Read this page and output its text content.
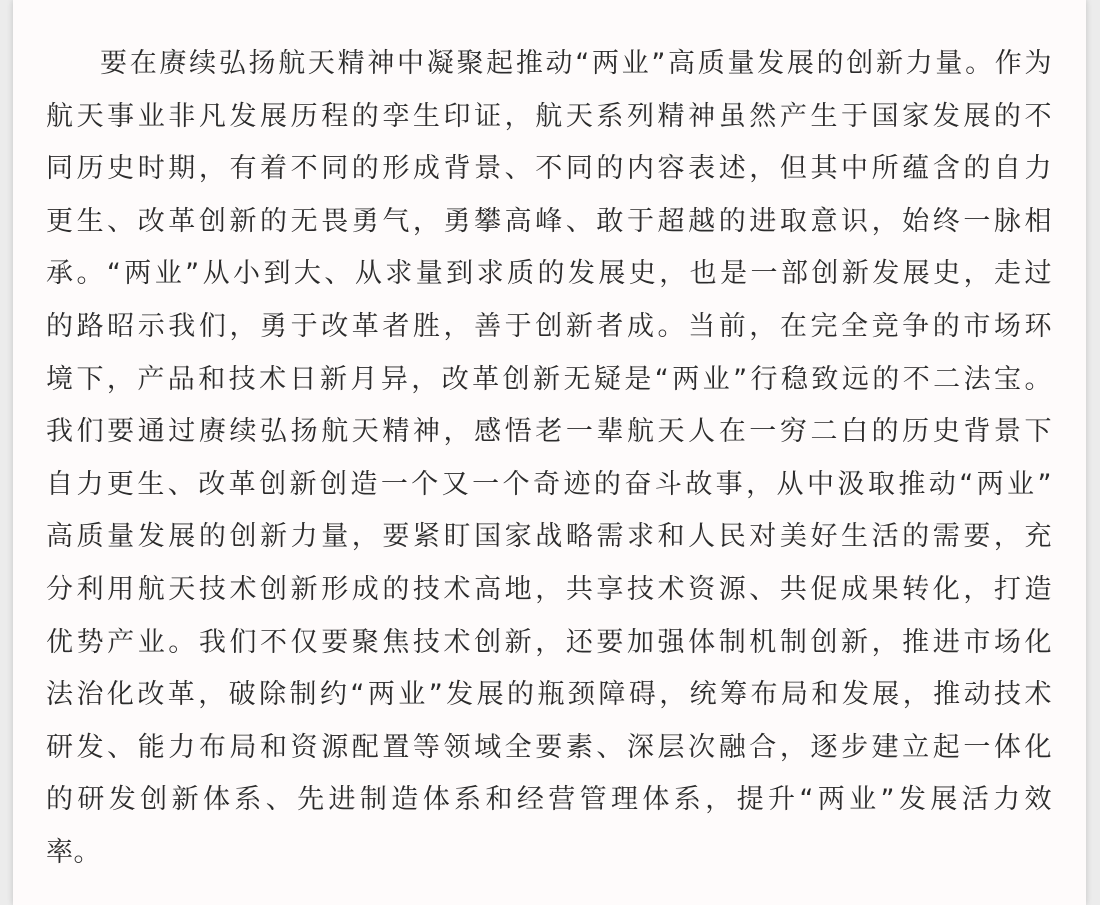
要在赓续弘扬航天精神中凝聚起推动“两业”高质量发展的创新力量。作为
航天事业非凡发展历程的孪生印证，航天系列精神虽然产生于国家发展的不
同历史时期，有着不同的形成背景、不同的内容表述，但其中所蕴含的自力
更生、改革创新的无畏勇气，勇攀高峰、敢于超越的进取意识，始终一脉相
承。“两业”从小到大、从求量到求质的发展史，也是一部创新发展史，走过
的路昭示我们，勇于改革者胜，善于创新者成。当前，在完全竞争的市场环
境下，产品和技术日新月异，改革创新无疑是“两业”行稳致远的不二法宝。
我们要通过赓续弘扬航天精神，感悟老一辈航天人在一穷二白的历史背景下
自力更生、改革创新创造一个又一个奇迹的奋斗故事，从中汲取推动“两业”
高质量发展的创新力量，要紧盯国家战略需求和人民对美好生活的需要，充
分利用航天技术创新形成的技术高地，共享技术资源、共促成果转化，打造
优势产业。我们不仅要聚焦技术创新，还要加强体制机制创新，推进市场化
法治化改革，破除制约“两业”发展的瓶颈障碍，统筹布局和发展，推动技术
研发、能力布局和资源配置等领域全要素、深层次融合，逐步建立起一体化
的研发创新体系、先进制造体系和经营管理体系，提升“两业”发展活力效
率。
